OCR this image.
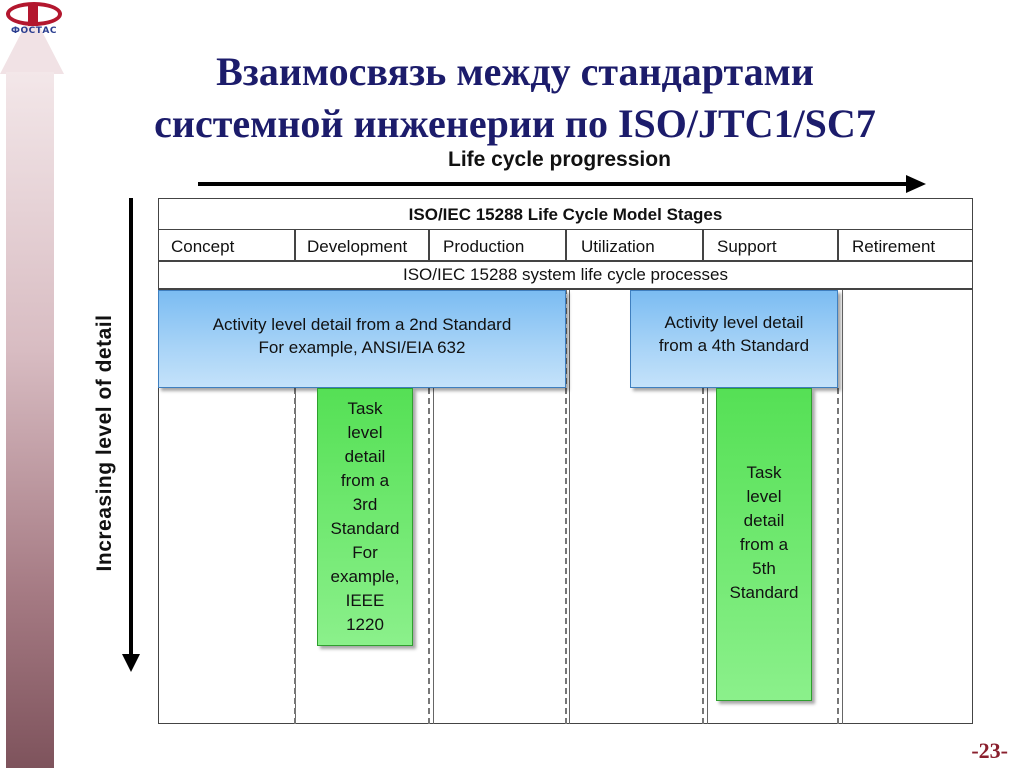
ФОСТАС
Взаимосвязь между стандартами
системной инженерии по ISO/JTC1/SC7
Life cycle progression
Increasing level of detail
ISO/IEC 15288 Life Cycle Model Stages
Concept	Development Production	Utilization	Support	Retirement
ISO/IEC 15288 system life cycle processes
Activity level detail from a 2nd Standard
For example, ANSI/EIA 632
Activity level detail
from a 4th Standard
Task
level
detail
from a
3rd
Standard
For
example,
IEEE
1220
Task
level
detail
from a
5th
Standard
-23-
